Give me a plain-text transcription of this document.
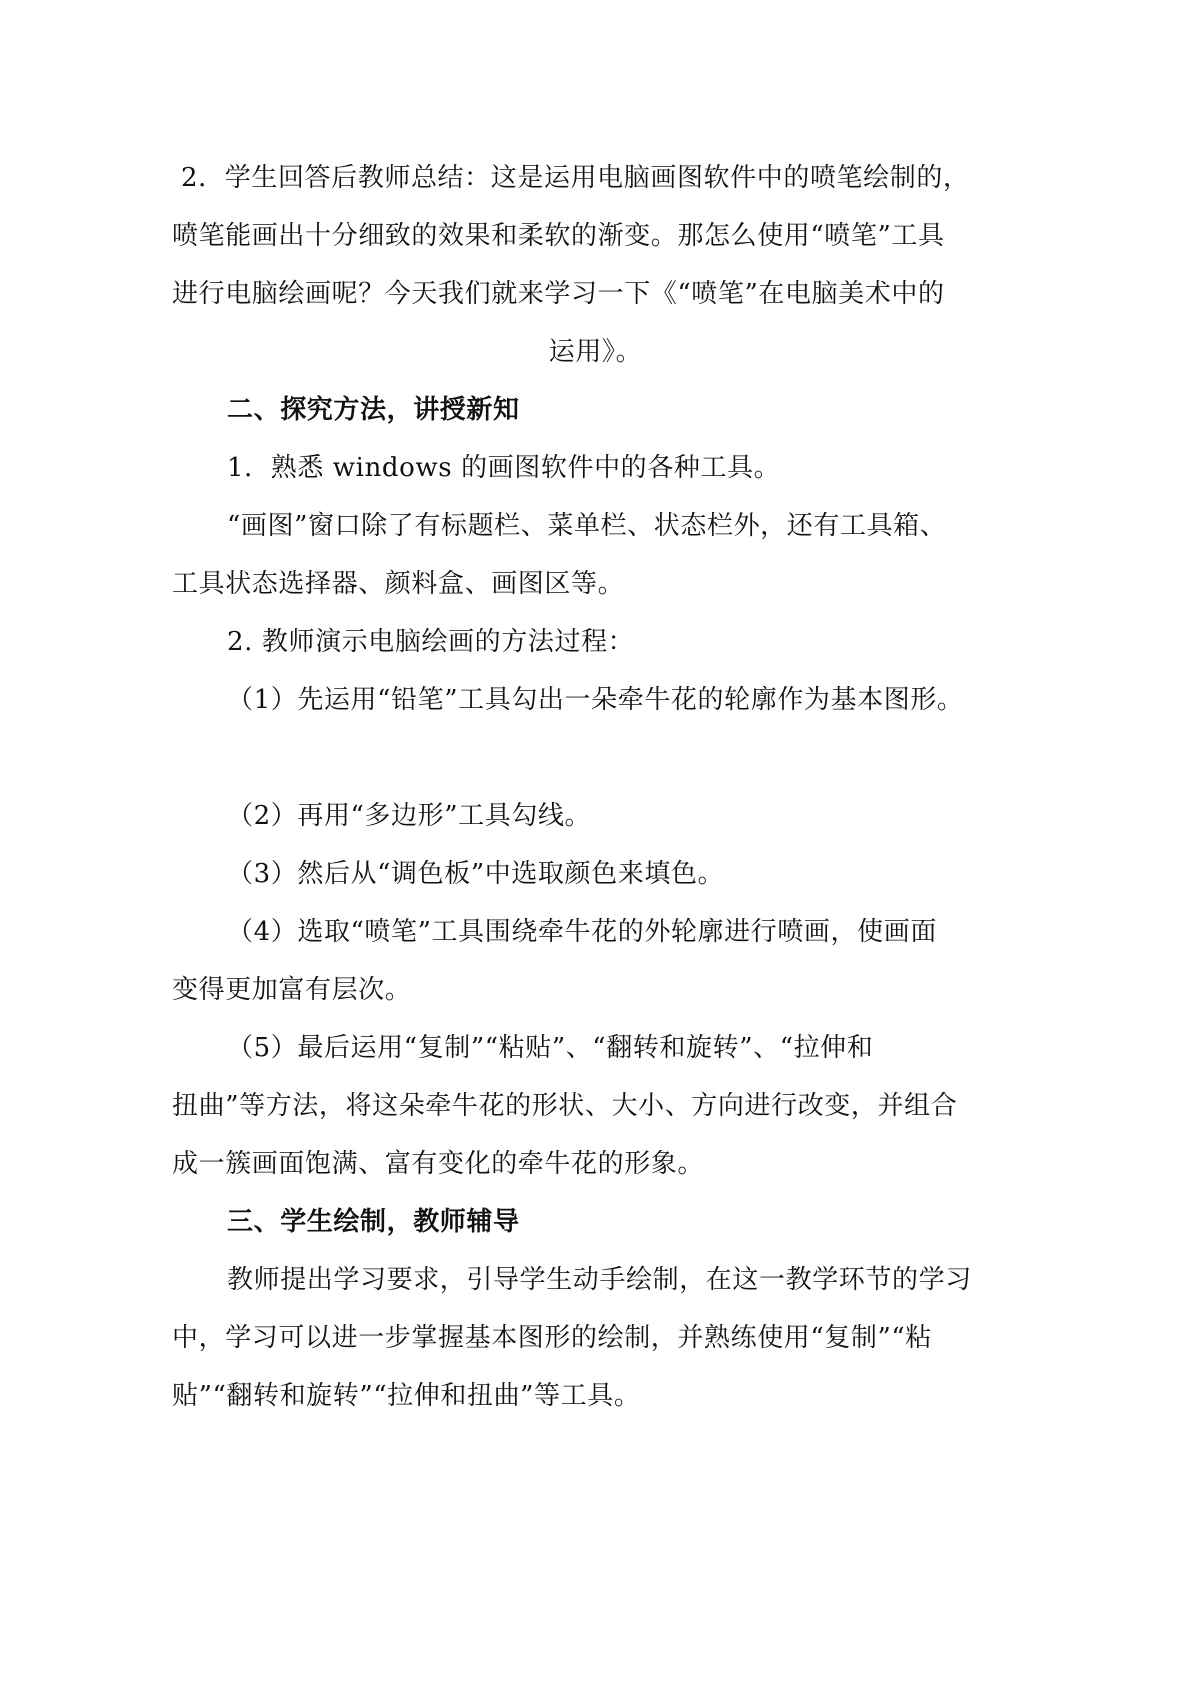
2．学生回答后教师总结：这是运用电脑画图软件中的喷笔绘制的，
喷笔能画出十分细致的效果和柔软的渐变。那怎么使用“喷笔”工具
进行电脑绘画呢？今天我们就来学习一下《“喷笔”在电脑美术中的
运用》。
二、探究方法，讲授新知
1．熟悉 windows 的画图软件中的各种工具。
“画图”窗口除了有标题栏、菜单栏、状态栏外，还有工具箱、
工具状态选择器、颜料盒、画图区等。
2. 教师演示电脑绘画的方法过程：
（1）先运用“铅笔”工具勾出一朵牵牛花的轮廓作为基本图形。
（2）再用“多边形”工具勾线。
（3）然后从“调色板”中选取颜色来填色。
（4）选取“喷笔”工具围绕牵牛花的外轮廓进行喷画，使画面
变得更加富有层次。
（5）最后运用“复制”“粘贴”、“翻转和旋转”、“拉伸和
扭曲”等方法，将这朵牵牛花的形状、大小、方向进行改变，并组合
成一簇画面饱满、富有变化的牵牛花的形象。
三、学生绘制，教师辅导
教师提出学习要求，引导学生动手绘制，在这一教学环节的学习
中，学习可以进一步掌握基本图形的绘制，并熟练使用“复制”“粘
贴”“翻转和旋转”“拉伸和扭曲”等工具。
